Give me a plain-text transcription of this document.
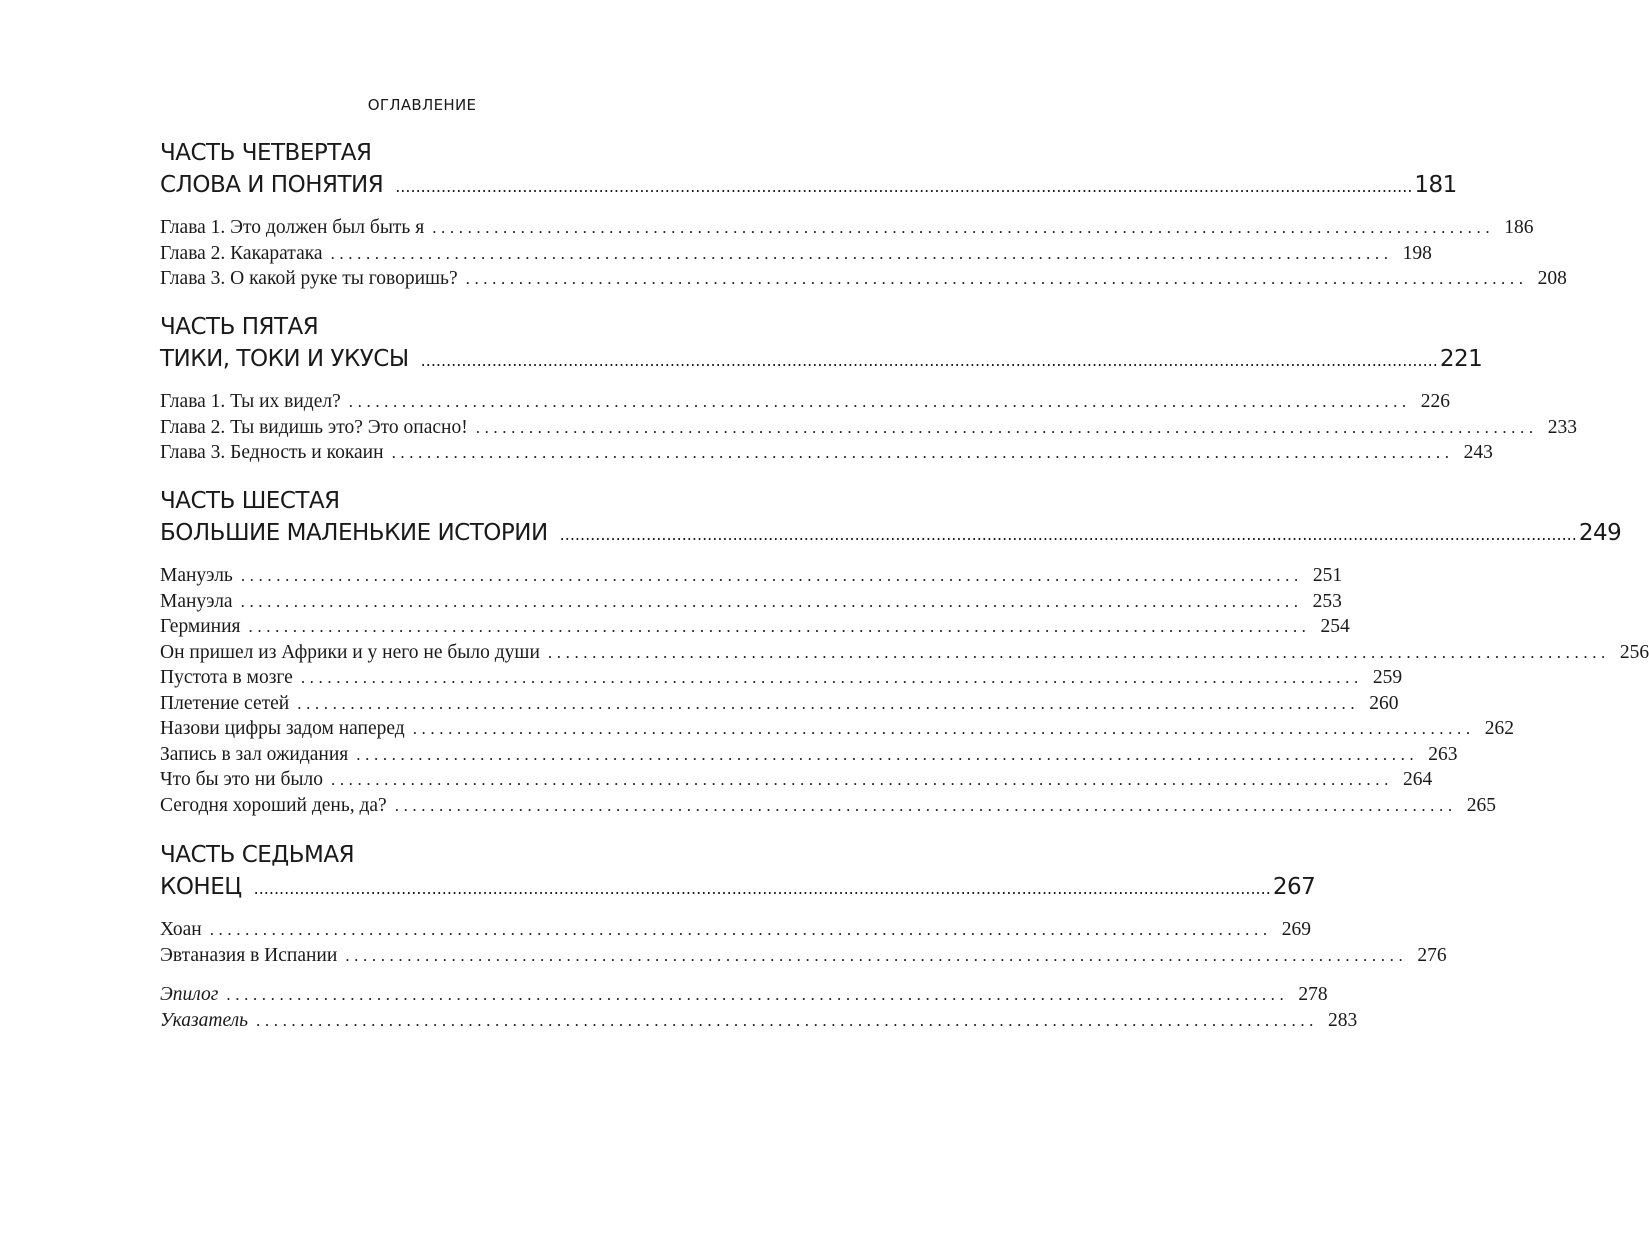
ОГЛАВЛЕНИЕ
ЧАСТЬ ЧЕТВЕРТАЯ
СЛОВА И ПОНЯТИЯ ........................................................................................................................................................................................................ 181
Глава 1. Это должен был быть я ........................................................................................................................ 186
Глава 2. Какаратака ........................................................................................................................ 198
Глава 3. О какой руке ты говоришь? ........................................................................................................................ 208
ЧАСТЬ ПЯТАЯ
ТИКИ, ТОКИ И УКУСЫ ........................................................................................................................................................................................................ 221
Глава 1. Ты их видел? ........................................................................................................................ 226
Глава 2. Ты видишь это? Это опасно! ........................................................................................................................ 233
Глава 3. Бедность и кокаин ........................................................................................................................ 243
ЧАСТЬ ШЕСТАЯ
БОЛЬШИЕ МАЛЕНЬКИЕ ИСТОРИИ ........................................................................................................................................................................................................ 249
Мануэль ........................................................................................................................ 251
Мануэла ........................................................................................................................ 253
Герминия ........................................................................................................................ 254
Он пришел из Африки и у него не было души ........................................................................................................................ 256
Пустота в мозге ........................................................................................................................ 259
Плетение сетей ........................................................................................................................ 260
Назови цифры задом наперед ........................................................................................................................ 262
Запись в зал ожидания ........................................................................................................................ 263
Что бы это ни было ........................................................................................................................ 264
Сегодня хороший день, да? ........................................................................................................................ 265
ЧАСТЬ СЕДЬМАЯ
КОНЕЦ ........................................................................................................................................................................................................ 267
Хоан ........................................................................................................................ 269
Эвтаназия в Испании ........................................................................................................................ 276
Эпилог ........................................................................................................................ 278
Указатель ........................................................................................................................ 283
